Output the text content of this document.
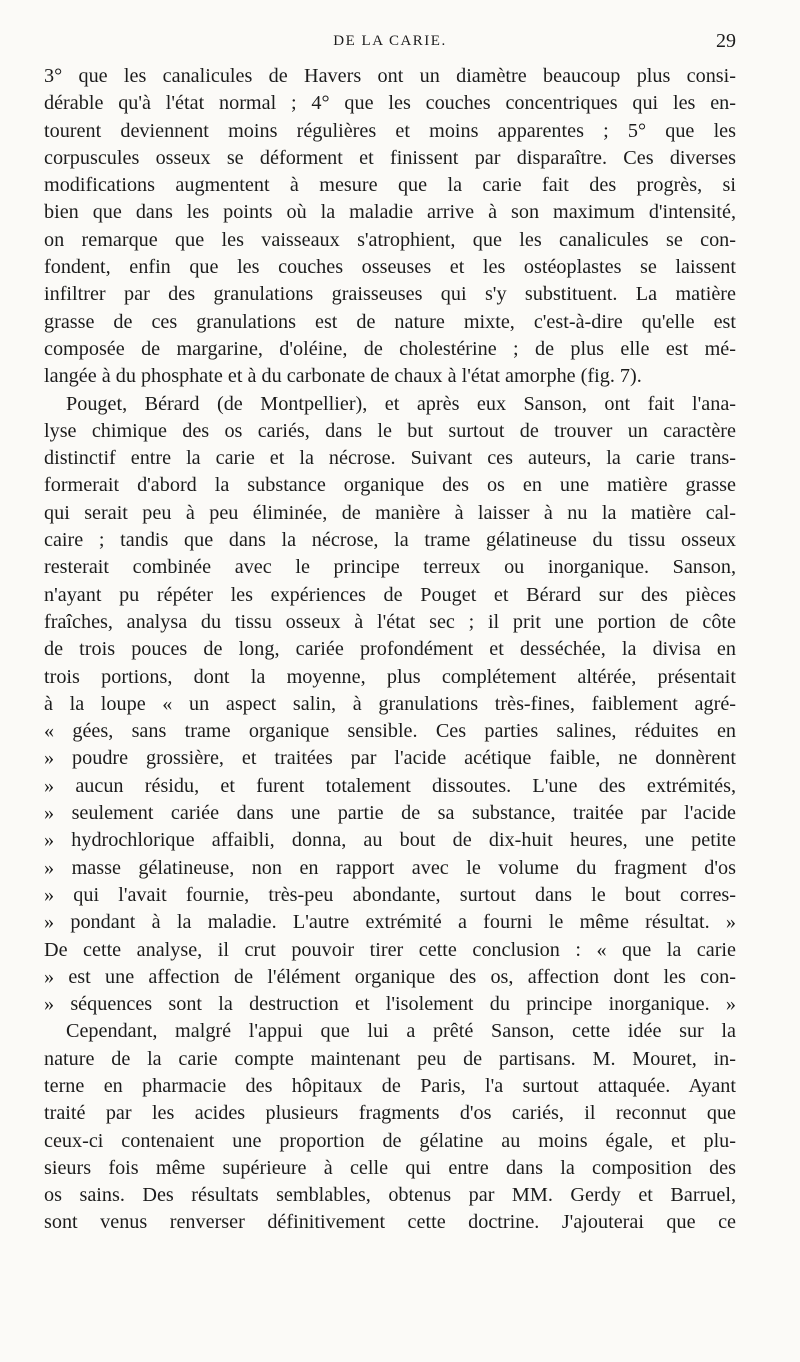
DE LA CARIE.	29
3° que les canalicules de Havers ont un diamètre beaucoup plus consi-
dérable qu'à l'état normal ; 4° que les couches concentriques qui les en-
tourent deviennent moins régulières et moins apparentes ; 5° que les
corpuscules osseux se déforment et finissent par disparaître. Ces diverses
modifications augmentent à mesure que la carie fait des progrès, si
bien que dans les points où la maladie arrive à son maximum d'intensité,
on remarque que les vaisseaux s'atrophient, que les canalicules se con-
fondent, enfin que les couches osseuses et les ostéoplastes se laissent
infiltrer par des granulations graisseuses qui s'y substituent. La matière
grasse de ces granulations est de nature mixte, c'est-à-dire qu'elle est
composée de margarine, d'oléine, de cholestérine ; de plus elle est mé-
langée à du phosphate et à du carbonate de chaux à l'état amorphe (fig. 7).
Pouget, Bérard (de Montpellier), et après eux Sanson, ont fait l'ana-
lyse chimique des os cariés, dans le but surtout de trouver un caractère
distinctif entre la carie et la nécrose. Suivant ces auteurs, la carie trans-
formerait d'abord la substance organique des os en une matière grasse
qui serait peu à peu éliminée, de manière à laisser à nu la matière cal-
caire ; tandis que dans la nécrose, la trame gélatineuse du tissu osseux
resterait combinée avec le principe terreux ou inorganique. Sanson,
n'ayant pu répéter les expériences de Pouget et Bérard sur des pièces
fraîches, analysa du tissu osseux à l'état sec ; il prit une portion de côte
de trois pouces de long, cariée profondément et desséchée, la divisa en
trois portions, dont la moyenne, plus complétement altérée, présentait
à la loupe « un aspect salin, à granulations très-fines, faiblement agré-
« gées, sans trame organique sensible. Ces parties salines, réduites en
» poudre grossière, et traitées par l'acide acétique faible, ne donnèrent
» aucun résidu, et furent totalement dissoutes. L'une des extrémités,
» seulement cariée dans une partie de sa substance, traitée par l'acide
» hydrochlorique affaibli, donna, au bout de dix-huit heures, une petite
» masse gélatineuse, non en rapport avec le volume du fragment d'os
» qui l'avait fournie, très-peu abondante, surtout dans le bout corres-
» pondant à la maladie. L'autre extrémité a fourni le même résultat. »
De cette analyse, il crut pouvoir tirer cette conclusion : « que la carie
» est une affection de l'élément organique des os, affection dont les con-
» séquences sont la destruction et l'isolement du principe inorganique. »
Cependant, malgré l'appui que lui a prêté Sanson, cette idée sur la
nature de la carie compte maintenant peu de partisans. M. Mouret, in-
terne en pharmacie des hôpitaux de Paris, l'a surtout attaquée. Ayant
traité par les acides plusieurs fragments d'os cariés, il reconnut que
ceux-ci contenaient une proportion de gélatine au moins égale, et plu-
sieurs fois même supérieure à celle qui entre dans la composition des
os sains. Des résultats semblables, obtenus par MM. Gerdy et Barruel,
sont venus renverser définitivement cette doctrine. J'ajouterai que ce
